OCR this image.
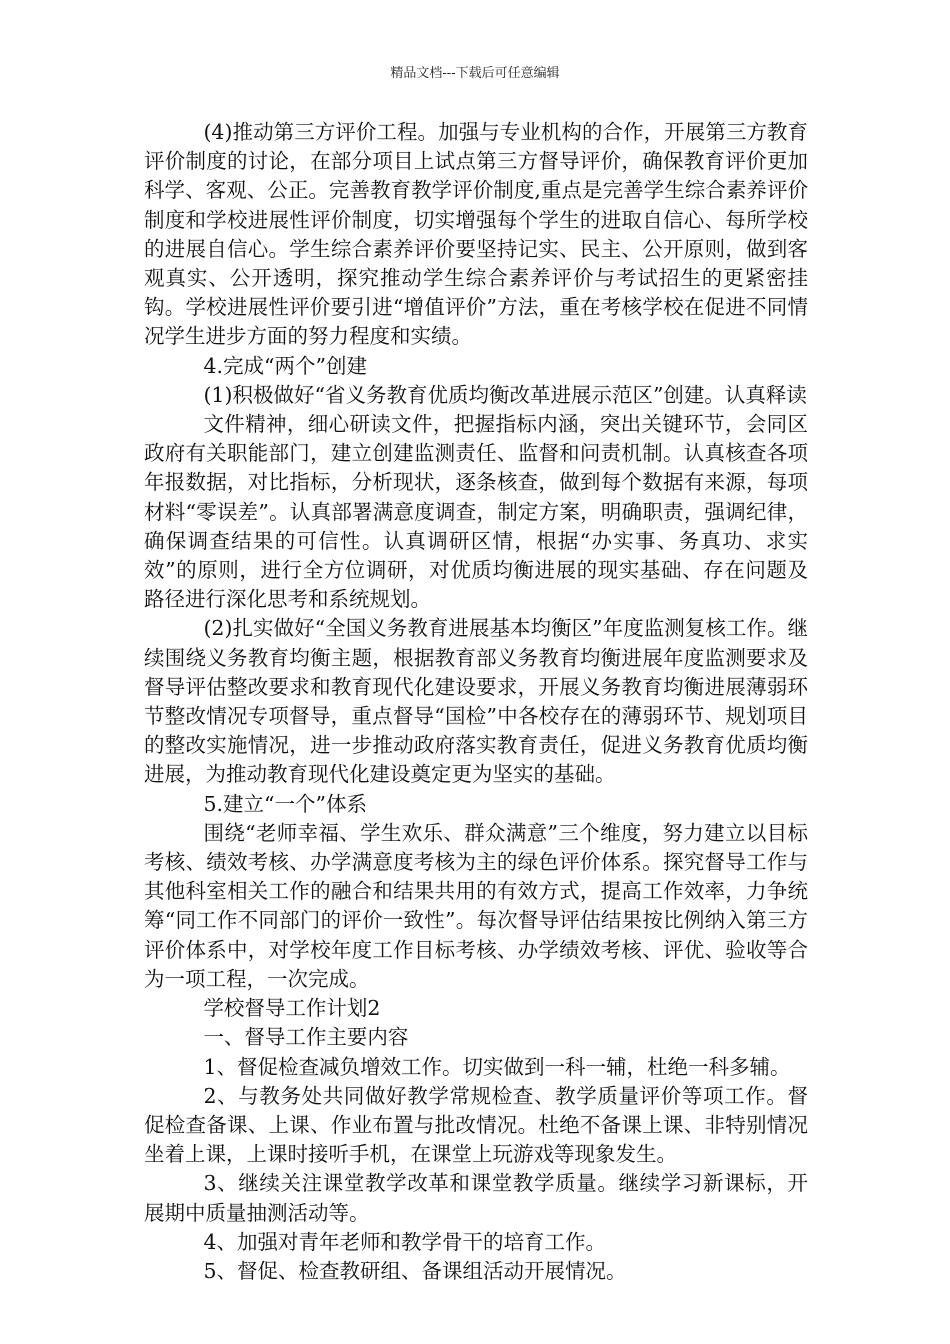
精品文档---下载后可任意编辑

(4)推动第三方评价工程。加强与专业机构的合作，开展第三方教育评价制度的讨论，在部分项目上试点第三方督导评价，确保教育评价更加科学、客观、公正。完善教育教学评价制度,重点是完善学生综合素养评价制度和学校进展性评价制度，切实增强每个学生的进取自信心、每所学校的进展自信心。学生综合素养评价要坚持记实、民主、公开原则，做到客观真实、公开透明，探究推动学生综合素养评价与考试招生的更紧密挂钩。学校进展性评价要引进“增值评价”方法，重在考核学校在促进不同情况学生进步方面的努力程度和实绩。

4.完成“两个”创建

(1)积极做好“省义务教育优质均衡改革进展示范区”创建。认真释读

文件精神，细心研读文件，把握指标内涵，突出关键环节，会同区政府有关职能部门，建立创建监测责任、监督和问责机制。认真核查各项年报数据，对比指标，分析现状，逐条核查，做到每个数据有来源，每项材料“零误差”。认真部署满意度调查，制定方案，明确职责，强调纪律，确保调查结果的可信性。认真调研区情，根据“办实事、务真功、求实效”的原则，进行全方位调研，对优质均衡进展的现实基础、存在问题及路径进行深化思考和系统规划。

(2)扎实做好“全国义务教育进展基本均衡区”年度监测复核工作。继续围绕义务教育均衡主题，根据教育部义务教育均衡进展年度监测要求及督导评估整改要求和教育现代化建设要求，开展义务教育均衡进展薄弱环节整改情况专项督导，重点督导“国检”中各校存在的薄弱环节、规划项目的整改实施情况，进一步推动政府落实教育责任，促进义务教育优质均衡进展，为推动教育现代化建设奠定更为坚实的基础。

5.建立“一个”体系

围绕“老师幸福、学生欢乐、群众满意”三个维度，努力建立以目标考核、绩效考核、办学满意度考核为主的绿色评价体系。探究督导工作与其他科室相关工作的融合和结果共用的有效方式，提高工作效率，力争统筹“同工作不同部门的评价一致性”。每次督导评估结果按比例纳入第三方评价体系中，对学校年度工作目标考核、办学绩效考核、评优、验收等合为一项工程，一次完成。

学校督导工作计划2

一、督导工作主要内容

1、督促检查减负增效工作。切实做到一科一辅，杜绝一科多辅。

2、与教务处共同做好教学常规检查、教学质量评价等项工作。督促检查备课、上课、作业布置与批改情况。杜绝不备课上课、非特别情况坐着上课，上课时接听手机，在课堂上玩游戏等现象发生。

3、继续关注课堂教学改革和课堂教学质量。继续学习新课标，开展期中质量抽测活动等。

4、加强对青年老师和教学骨干的培育工作。

5、督促、检查教研组、备课组活动开展情况。
